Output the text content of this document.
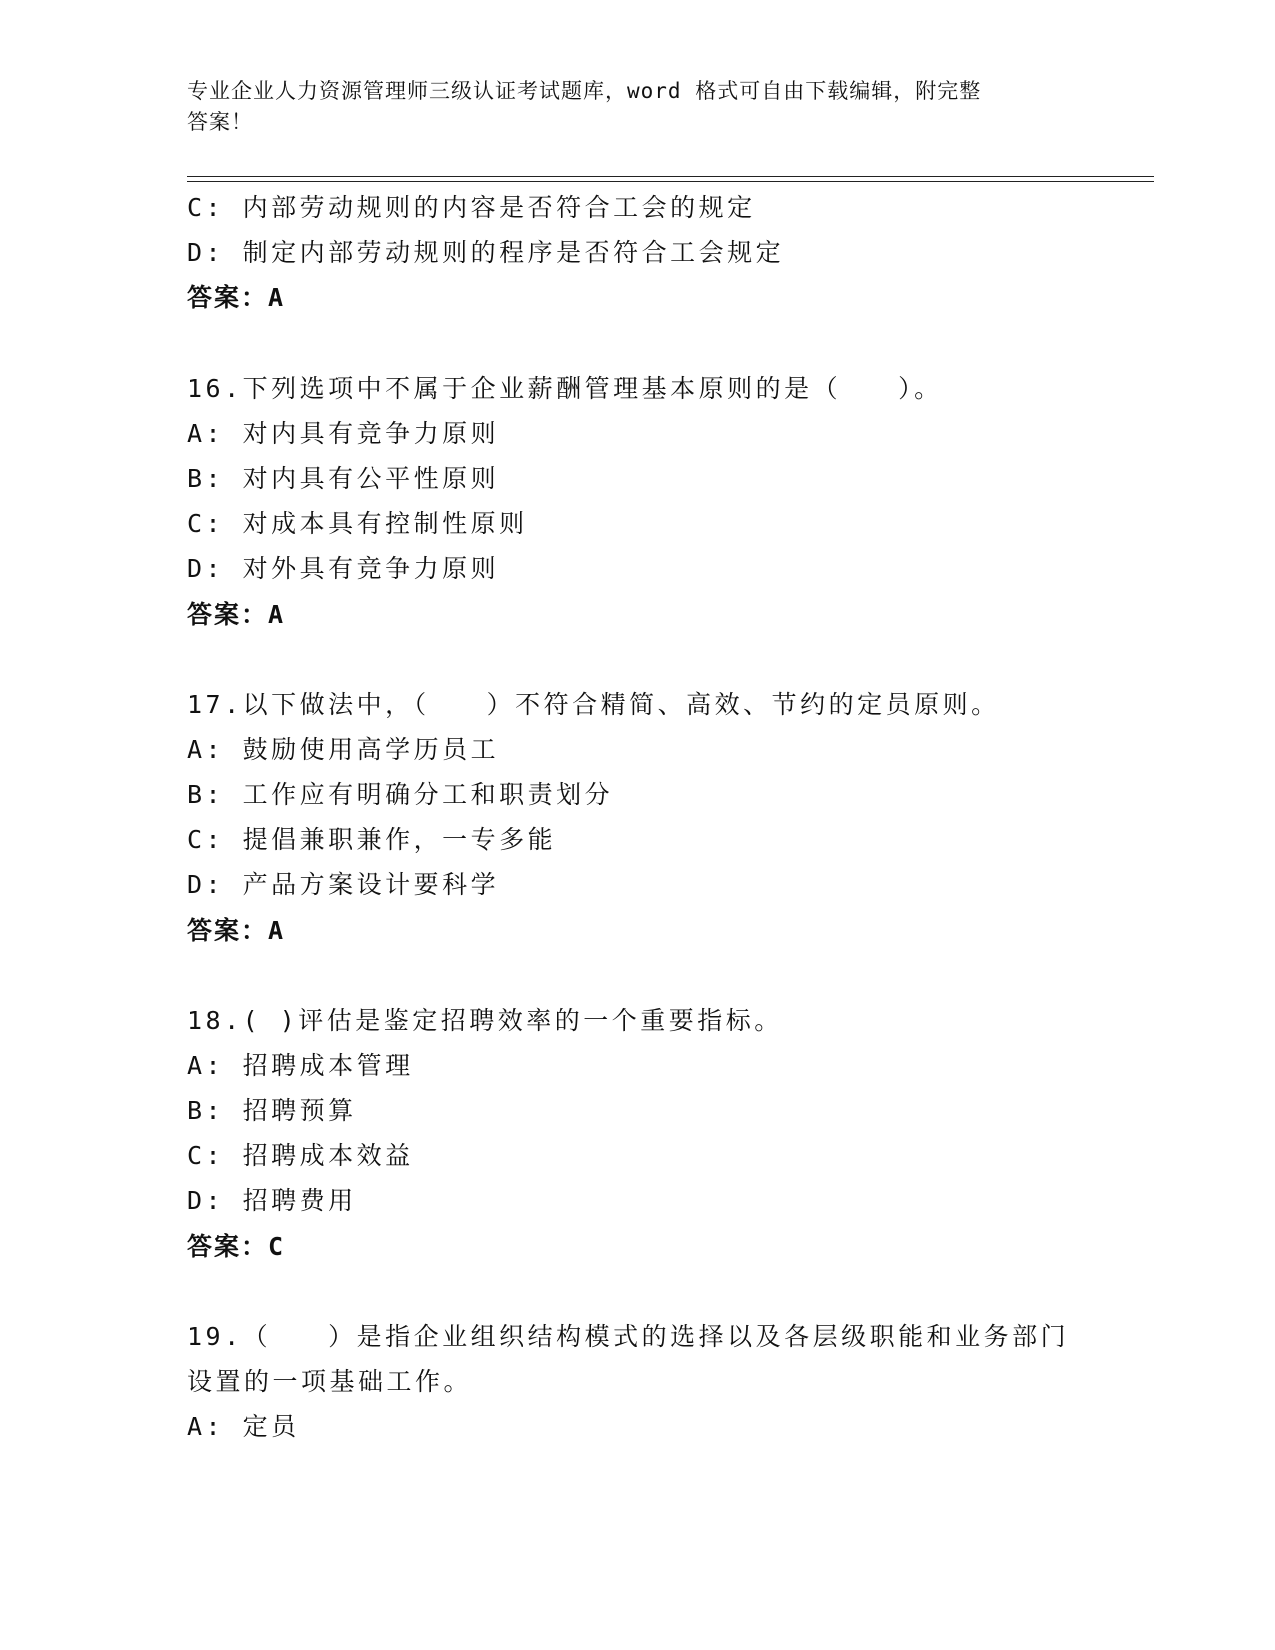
专业企业人力资源管理师三级认证考试题库，word 格式可自由下载编辑，附完整
答案！
C: 内部劳动规则的内容是否符合工会的规定
D: 制定内部劳动规则的程序是否符合工会规定
答案：A
16.下列选项中不属于企业薪酬管理基本原则的是（　　）。
A: 对内具有竞争力原则
B: 对内具有公平性原则
C: 对成本具有控制性原则
D: 对外具有竞争力原则
答案：A
17.以下做法中，（　　）不符合精简、高效、节约的定员原则。
A: 鼓励使用高学历员工
B: 工作应有明确分工和职责划分
C: 提倡兼职兼作，一专多能
D: 产品方案设计要科学
答案：A
18.( )评估是鉴定招聘效率的一个重要指标。
A: 招聘成本管理
B: 招聘预算
C: 招聘成本效益
D: 招聘费用
答案：C
19.（　　）是指企业组织结构模式的选择以及各层级职能和业务部门
设置的一项基础工作。
A: 定员
